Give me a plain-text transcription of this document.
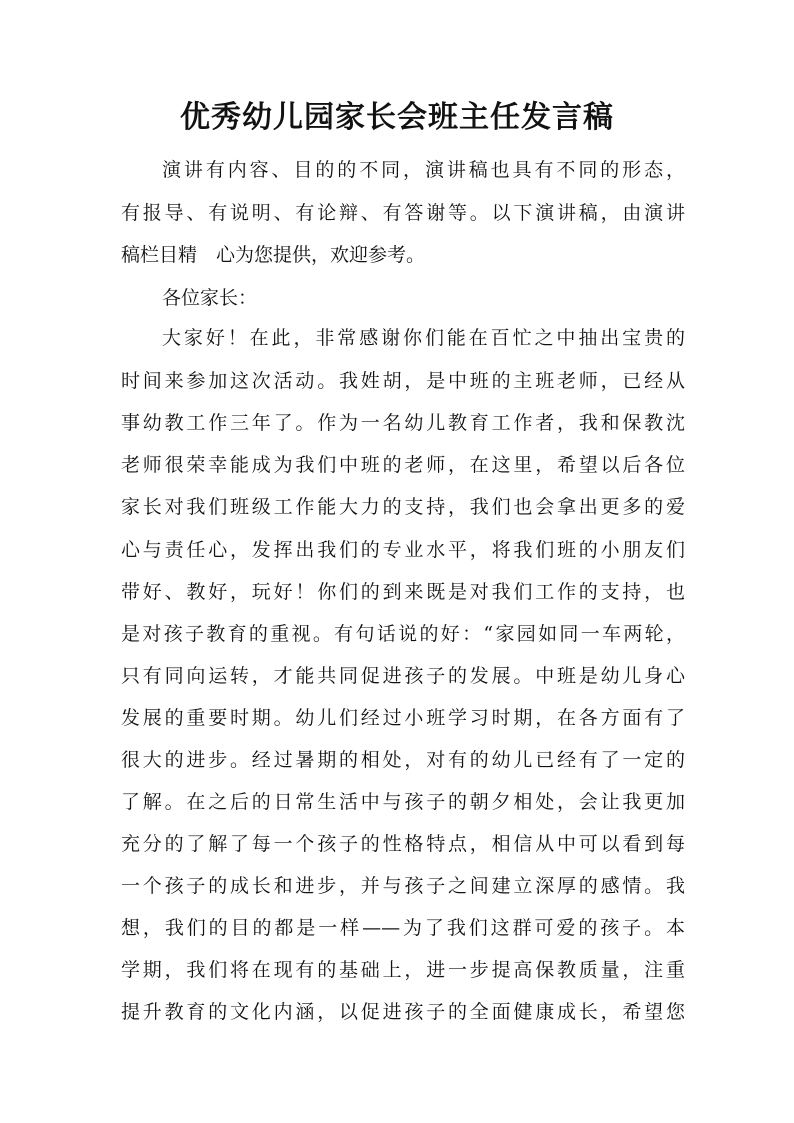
优秀幼儿园家长会班主任发言稿

演讲有内容、目的的不同，演讲稿也具有不同的形态，

有报导、有说明、有论辩、有答谢等。以下演讲稿，由演讲

稿栏目精　心为您提供，欢迎参考。

各位家长：

大家好！在此，非常感谢你们能在百忙之中抽出宝贵的

时间来参加这次活动。我姓胡，是中班的主班老师，已经从

事幼教工作三年了。作为一名幼儿教育工作者，我和保教沈

老师很荣幸能成为我们中班的老师，在这里，希望以后各位

家长对我们班级工作能大力的支持，我们也会拿出更多的爱

心与责任心，发挥出我们的专业水平，将我们班的小朋友们

带好、教好，玩好！你们的到来既是对我们工作的支持，也

是对孩子教育的重视。有句话说的好：“家园如同一车两轮，

只有同向运转，才能共同促进孩子的发展。中班是幼儿身心

发展的重要时期。幼儿们经过小班学习时期，在各方面有了

很大的进步。经过暑期的相处，对有的幼儿已经有了一定的

了解。在之后的日常生活中与孩子的朝夕相处，会让我更加

充分的了解了每一个孩子的性格特点，相信从中可以看到每

一个孩子的成长和进步，并与孩子之间建立深厚的感情。我

想，我们的目的都是一样——为了我们这群可爱的孩子。本

学期，我们将在现有的基础上，进一步提高保教质量，注重

提升教育的文化内涵，以促进孩子的全面健康成长，希望您
